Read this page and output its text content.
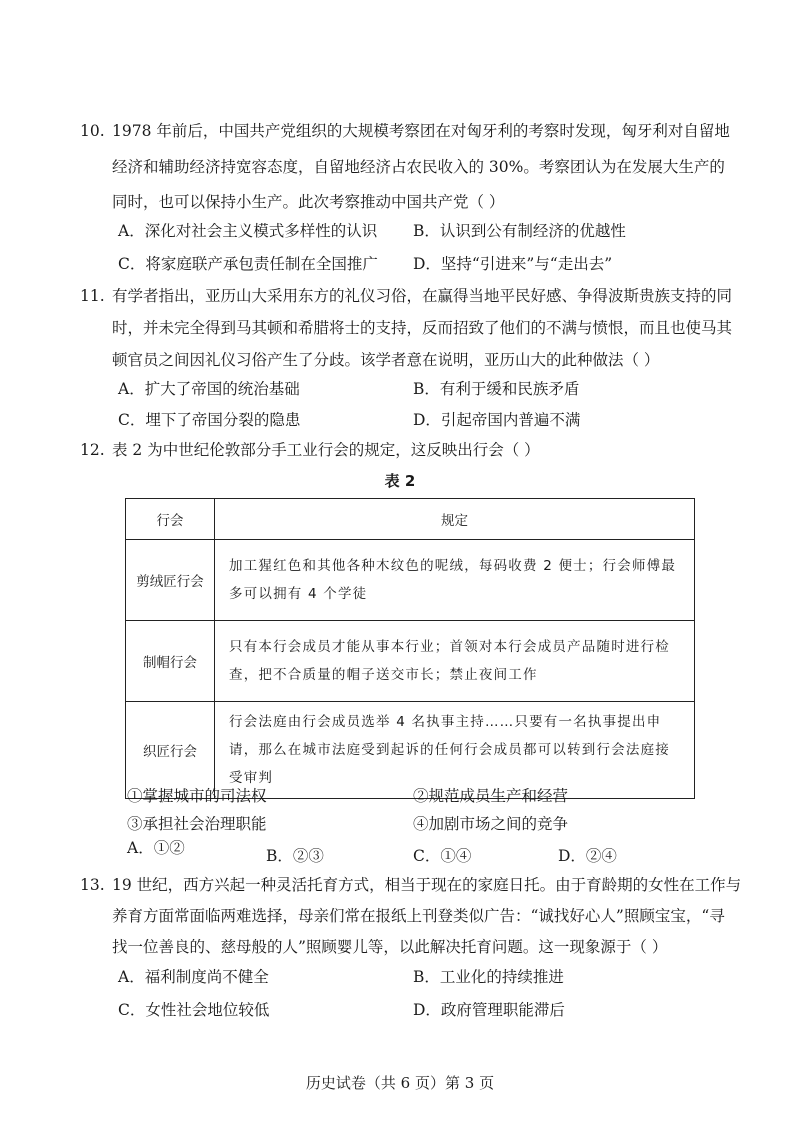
10. 1978 年前后，中国共产党组织的大规模考察团在对匈牙利的考察时发现，匈牙利对自留地
经济和辅助经济持宽容态度，自留地经济占农民收入的 30%。考察团认为在发展大生产的
同时，也可以保持小生产。此次考察推动中国共产党（ ）
A．深化对社会主义模式多样性的认识 B．认识到公有制经济的优越性
C．将家庭联产承包责任制在全国推广 D．坚持“引进来”与“走出去”
11. 有学者指出，亚历山大采用东方的礼仪习俗，在赢得当地平民好感、争得波斯贵族支持的同
时，并未完全得到马其顿和希腊将士的支持，反而招致了他们的不满与愤恨，而且也使马其
顿官员之间因礼仪习俗产生了分歧。该学者意在说明，亚历山大的此种做法（ ）
A．扩大了帝国的统治基础	B．有利于缓和民族矛盾
C．埋下了帝国分裂的隐患	D．引起帝国内普遍不满
12. 表 2 为中世纪伦敦部分手工业行会的规定，这反映出行会（ ）
表 2
行会	规定
剪绒匠行会	加工猩红色和其他各种木纹色的呢绒，每码收费 2 便士；行会师傅最多可以拥有 4 个学徒
制帽行会	只有本行会成员才能从事本行业；首领对本行会成员产品随时进行检查，把不合质量的帽子送交市长；禁止夜间工作
织匠行会	行会法庭由行会成员选举 4 名执事主持……只要有一名执事提出申请，那么在城市法庭受到起诉的任何行会成员都可以转到行会法庭接受审判
①掌握城市的司法权	②规范成员生产和经营
③承担社会治理职能	④加剧市场之间的竞争
A．①②	B．②③	C．①④	D．②④
13. 19 世纪，西方兴起一种灵活托育方式，相当于现在的家庭日托。由于育龄期的女性在工作与
养育方面常面临两难选择，母亲们常在报纸上刊登类似广告：“诚找好心人”照顾宝宝，“寻
找一位善良的、慈母般的人”照顾婴儿等，以此解决托育问题。这一现象源于（ ）
A．福利制度尚不健全	B．工业化的持续推进
C．女性社会地位较低	D．政府管理职能滞后
历史试卷（共 6 页）第 3 页
